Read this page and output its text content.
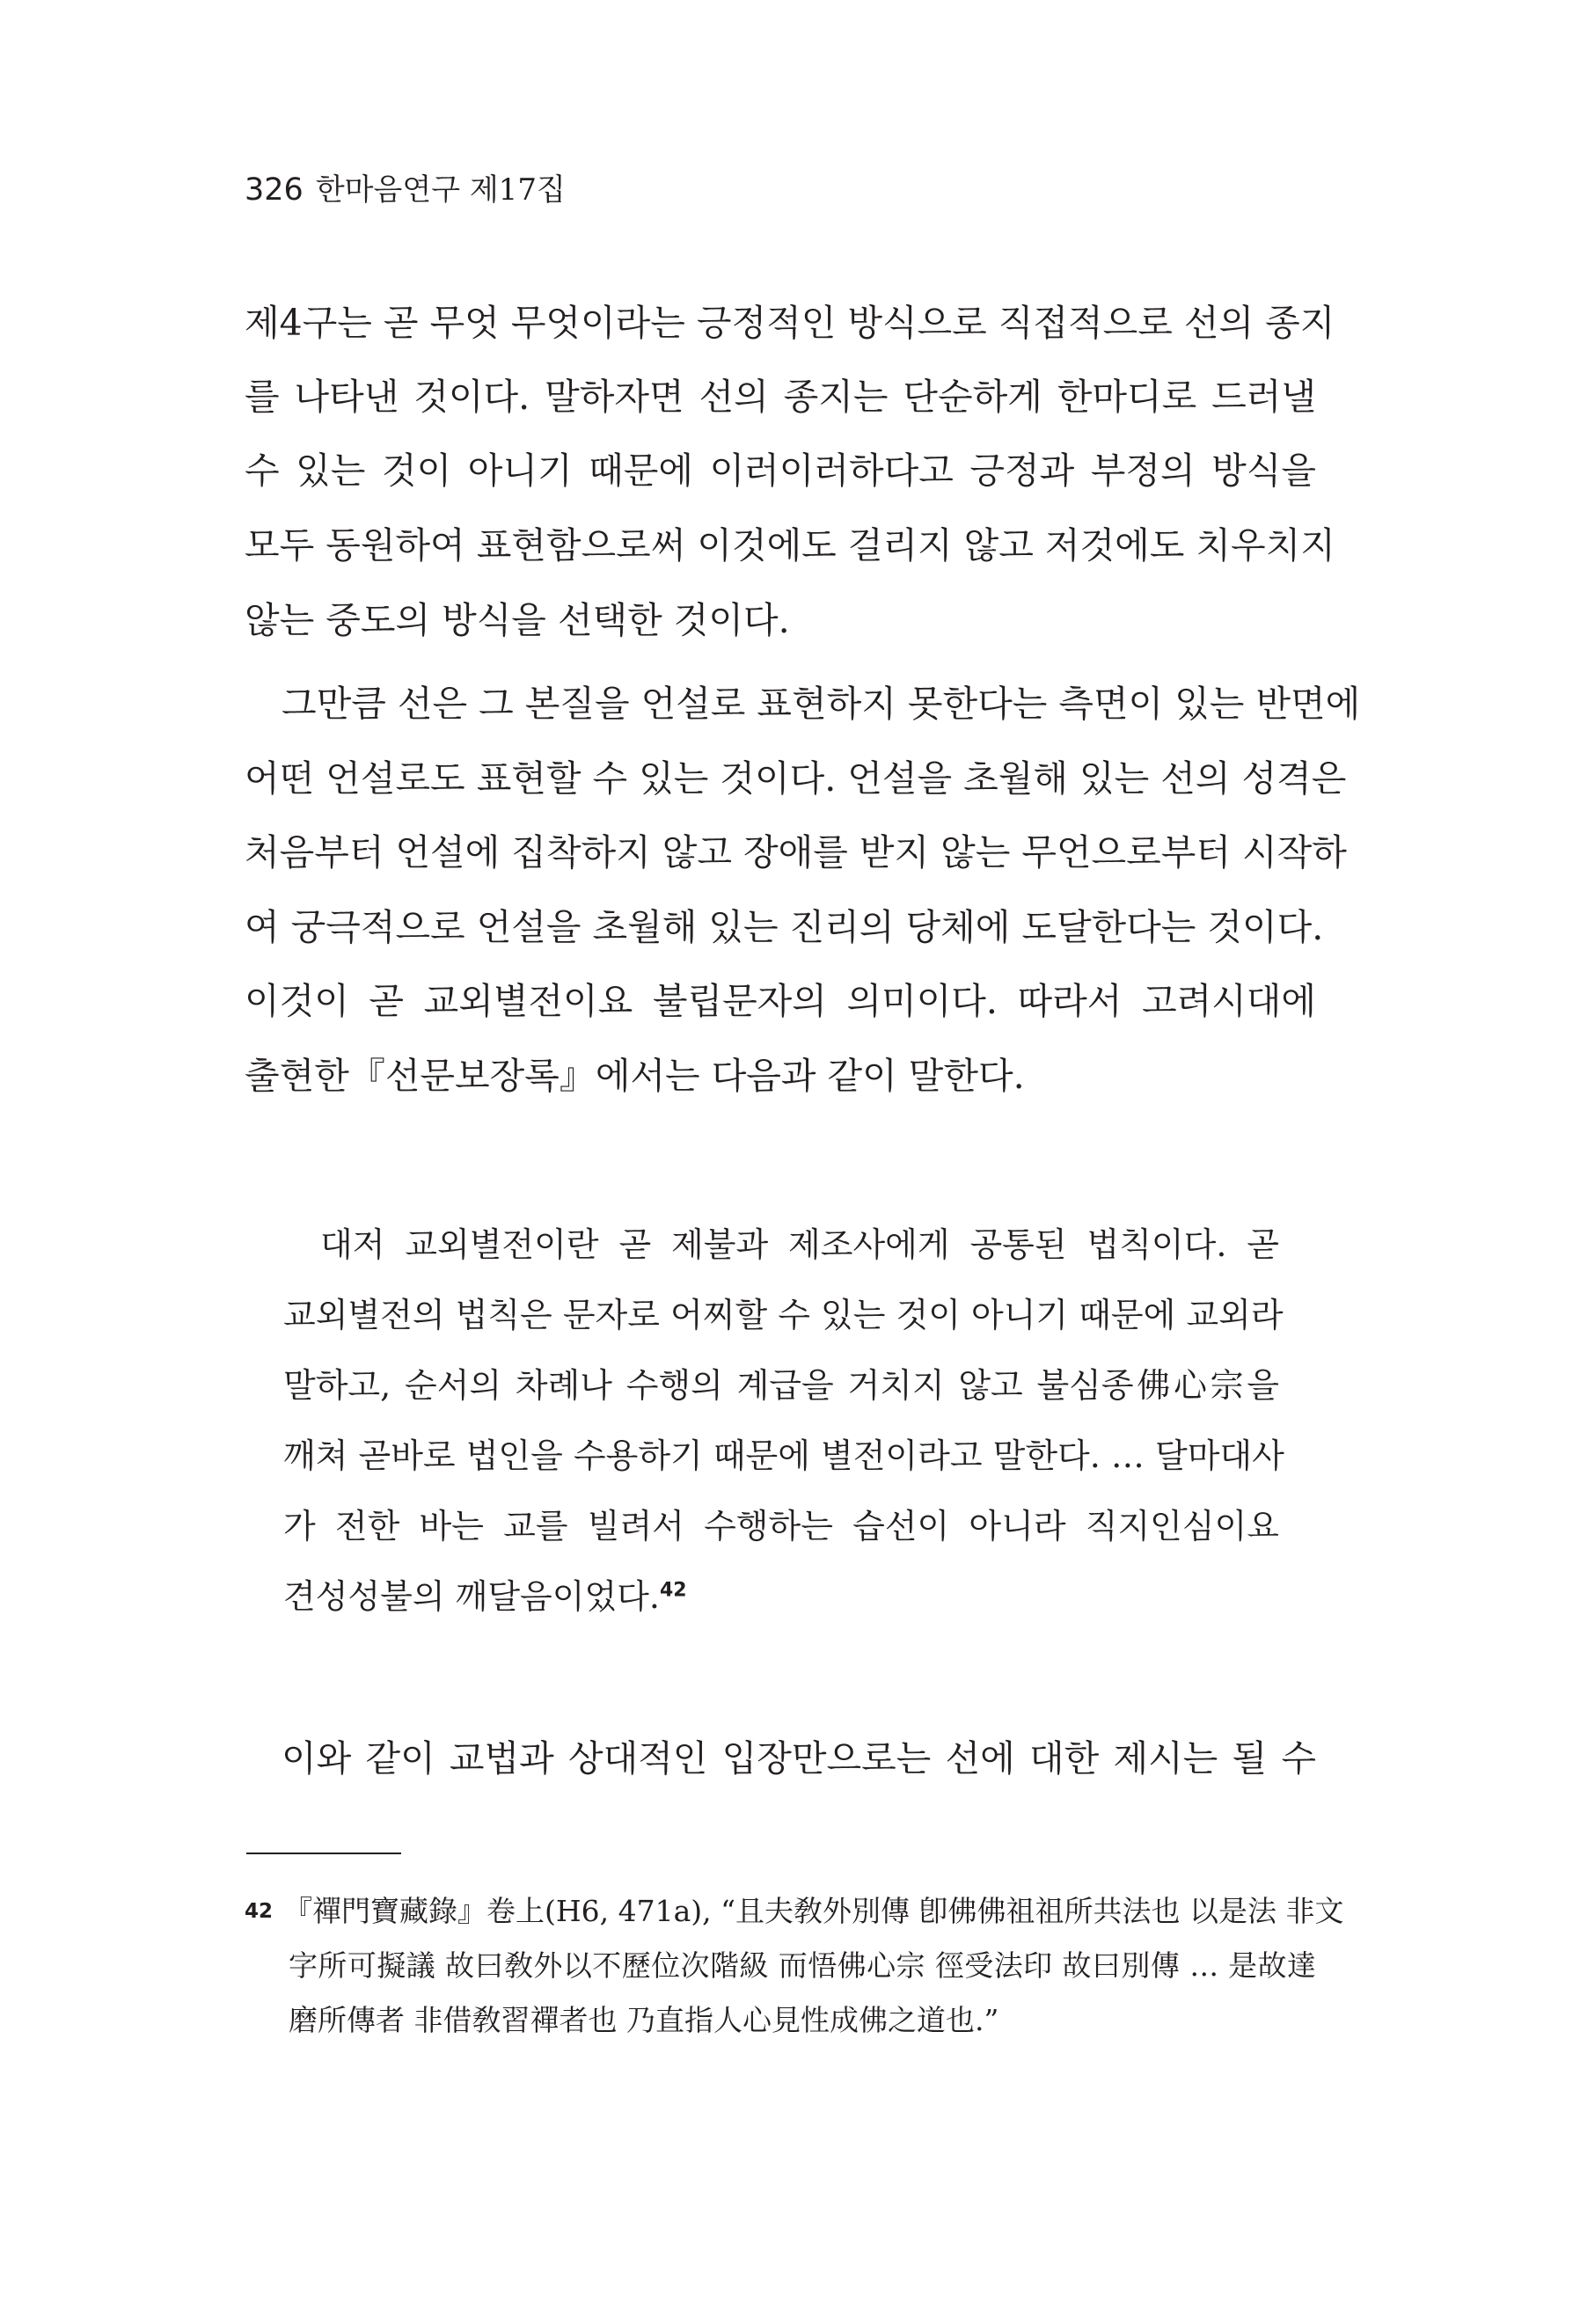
326 한마음연구 제17집
제4구는 곧 무엇 무엇이라는 긍정적인 방식으로 직접적으로 선의 종지
를 나타낸 것이다. 말하자면 선의 종지는 단순하게 한마디로 드러낼
수 있는 것이 아니기 때문에 이러이러하다고 긍정과 부정의 방식을
모두 동원하여 표현함으로써 이것에도 걸리지 않고 저것에도 치우치지
않는 중도의 방식을 선택한 것이다.
그만큼 선은 그 본질을 언설로 표현하지 못한다는 측면이 있는 반면에
어떤 언설로도 표현할 수 있는 것이다. 언설을 초월해 있는 선의 성격은
처음부터 언설에 집착하지 않고 장애를 받지 않는 무언으로부터 시작하
여 궁극적으로 언설을 초월해 있는 진리의 당체에 도달한다는 것이다.
이것이 곧 교외별전이요 불립문자의 의미이다. 따라서 고려시대에
출현한『선문보장록』에서는 다음과 같이 말한다.
대저 교외별전이란 곧 제불과 제조사에게 공통된 법칙이다. 곧
교외별전의 법칙은 문자로 어찌할 수 있는 것이 아니기 때문에 교외라
말하고, 순서의 차례나 수행의 계급을 거치지 않고 불심종佛心宗을
깨쳐 곧바로 법인을 수용하기 때문에 별전이라고 말한다. … 달마대사
가 전한 바는 교를 빌려서 수행하는 습선이 아니라 직지인심이요
견성성불의 깨달음이었다.$^{42}$
이와 같이 교법과 상대적인 입장만으로는 선에 대한 제시는 될 수
42 『禪門寶藏錄』卷上(H6, 471a), “且夫敎外別傳 卽佛佛祖祖所共法也 以是法 非文
字所可擬議 故曰敎外以不歷位次階級 而悟佛心宗 徑受法印 故曰別傳 … 是故達
磨所傳者 非借敎習禪者也 乃直指人心見性成佛之道也.”
